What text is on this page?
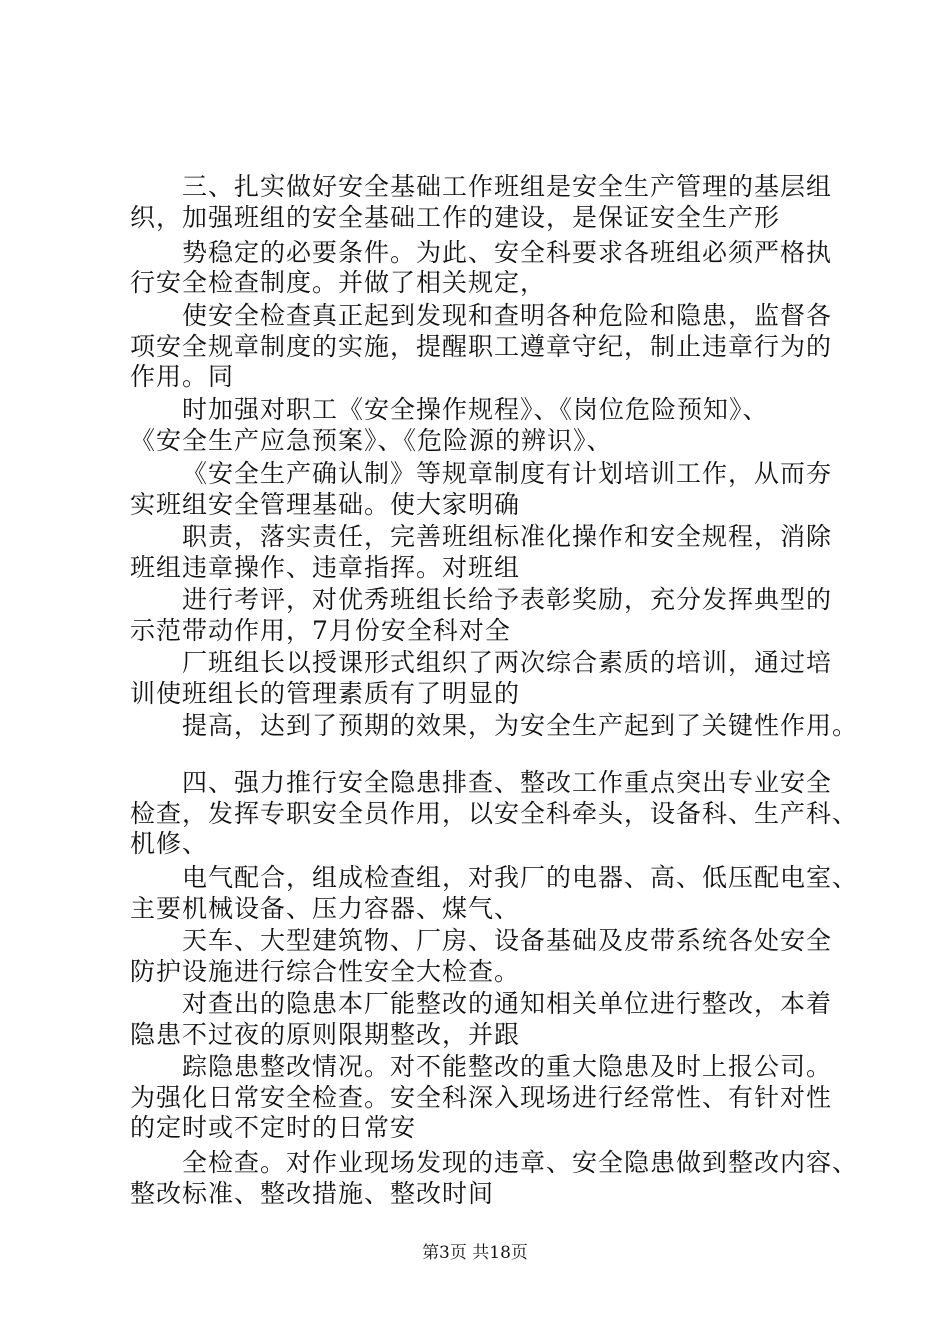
三、扎实做好安全基础工作班组是安全生产管理的基层组
织，加强班组的安全基础工作的建设，是保证安全生产形
势稳定的必要条件。为此、安全科要求各班组必须严格执
行安全检查制度。并做了相关规定，
使安全检查真正起到发现和查明各种危险和隐患，监督各
项安全规章制度的实施，提醒职工遵章守纪，制止违章行为的
作用。同
时加强对职工《安全操作规程》、《岗位危险预知》、
《安全生产应急预案》、《危险源的辨识》、
《安全生产确认制》等规章制度有计划培训工作，从而夯
实班组安全管理基础。使大家明确
职责，落实责任，完善班组标准化操作和安全规程，消除
班组违章操作、违章指挥。对班组
进行考评，对优秀班组长给予表彰奖励，充分发挥典型的
示范带动作用，7月份安全科对全
厂班组长以授课形式组织了两次综合素质的培训，通过培
训使班组长的管理素质有了明显的
提高，达到了预期的效果，为安全生产起到了关键性作用。
四、强力推行安全隐患排查、整改工作重点突出专业安全
检查，发挥专职安全员作用，以安全科牵头，设备科、生产科、
机修、
电气配合，组成检查组，对我厂的电器、高、低压配电室、
主要机械设备、压力容器、煤气、
天车、大型建筑物、厂房、设备基础及皮带系统各处安全
防护设施进行综合性安全大检查。
对查出的隐患本厂能整改的通知相关单位进行整改，本着
隐患不过夜的原则限期整改，并跟
踪隐患整改情况。对不能整改的重大隐患及时上报公司。
为强化日常安全检查。安全科深入现场进行经常性、有针对性
的定时或不定时的日常安
全检查。对作业现场发现的违章、安全隐患做到整改内容、
整改标准、整改措施、整改时间
第3页 共18页
